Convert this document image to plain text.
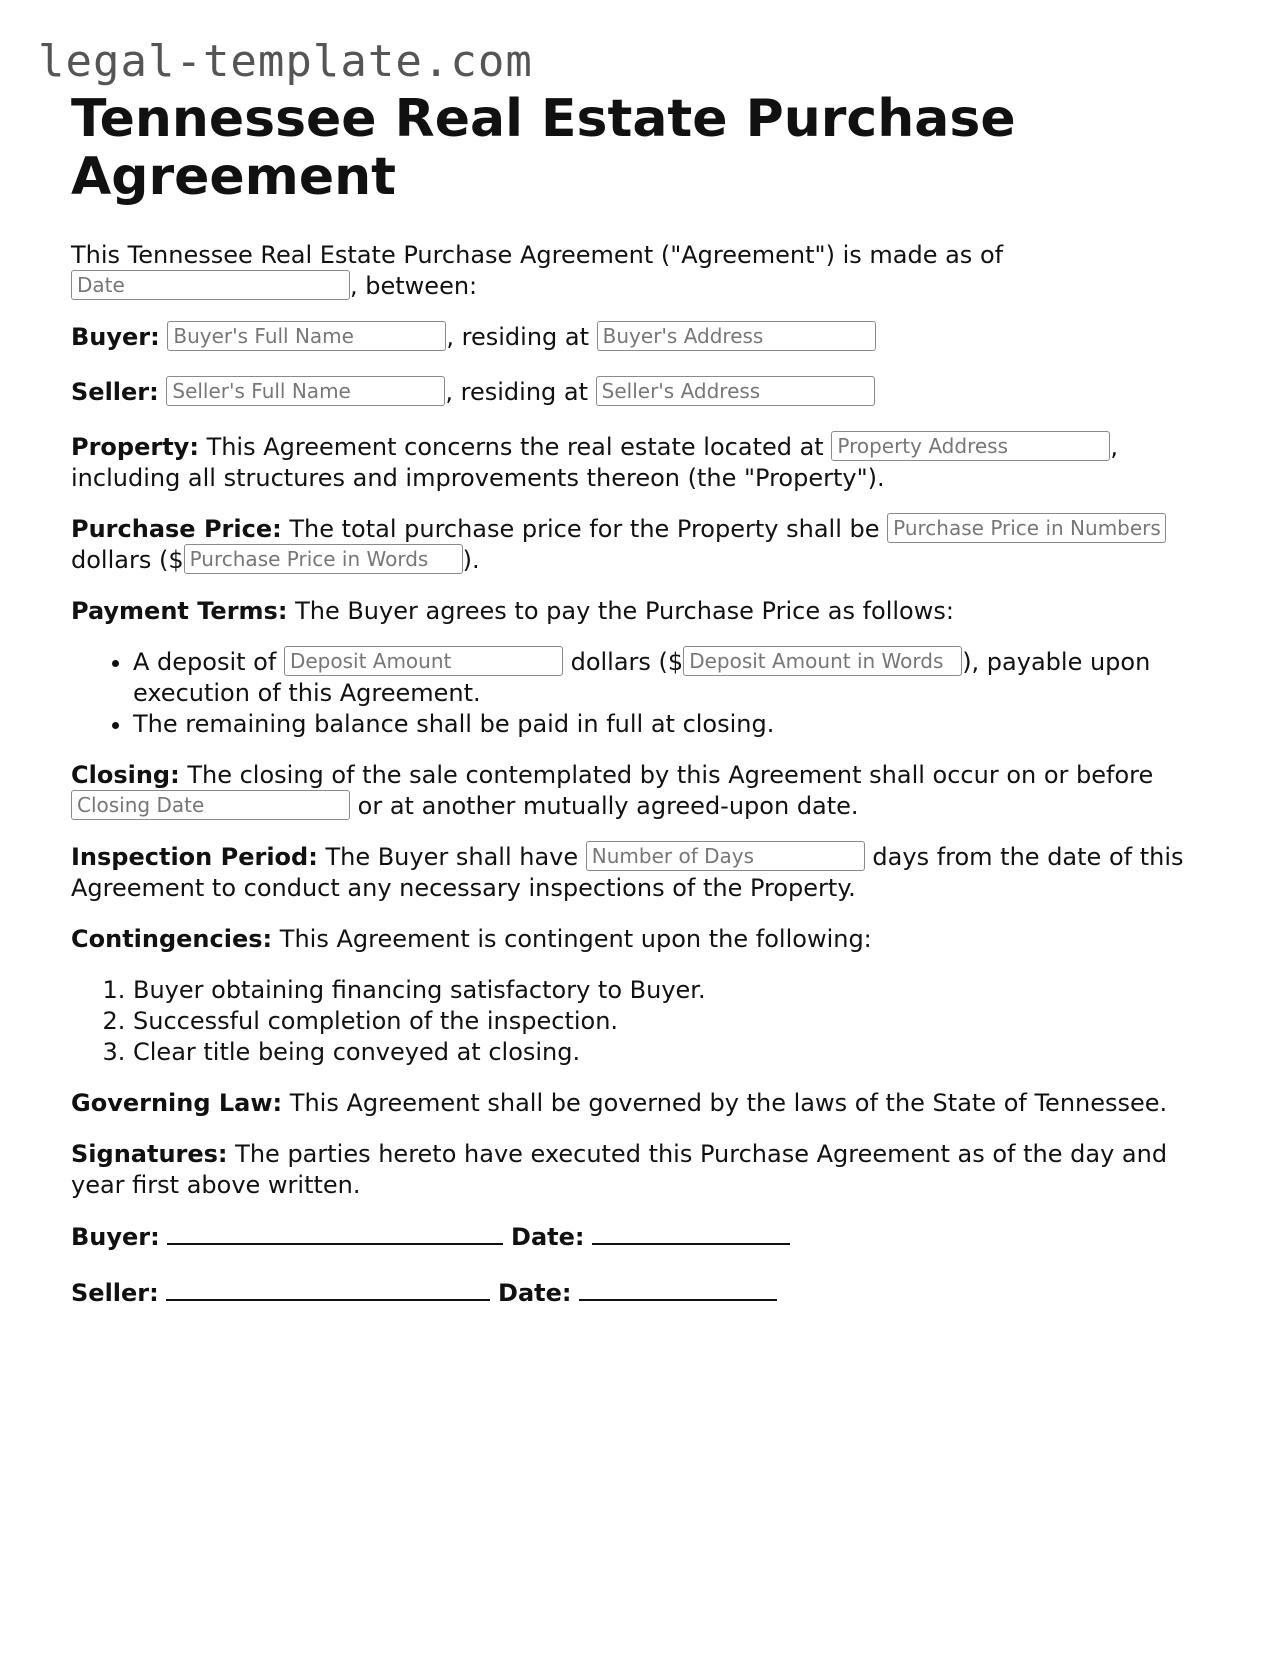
legal-template.com
Tennessee Real Estate Purchase Agreement

This Tennessee Real Estate Purchase Agreement ("Agreement") is made as of
Date, between:

Buyer: Buyer's Full Name	, residing at Buyer's Address

Seller: Seller's Full Name	, residing at Seller's Address

Property: This Agreement concerns the real estate located at Property Address	, including all structures and improvements thereon (the "Property").

Purchase Price: The total purchase price for the Property shall be Purchase Price in Numbers dollars ($Purchase Price in Words	).

Payment Terms: The Buyer agrees to pay the Purchase Price as follows:

• A deposit of Deposit Amount	dollars ($Deposit Amount in Words	), payable upon execution of this Agreement.
• The remaining balance shall be paid in full at closing.

Closing: The closing of the sale contemplated by this Agreement shall occur on or before Closing Date or at another mutually agreed-upon date.

Inspection Period: The Buyer shall have Number of Days	days from the date of this Agreement to conduct any necessary inspections of the Property.

Contingencies: This Agreement is contingent upon the following:

1. Buyer obtaining financing satisfactory to Buyer.
2. Successful completion of the inspection.
3. Clear title being conveyed at closing.

Governing Law: This Agreement shall be governed by the laws of the State of Tennessee.

Signatures: The parties hereto have executed this Purchase Agreement as of the day and year first above written.

Buyer:	Date:

Seller:	Date:
